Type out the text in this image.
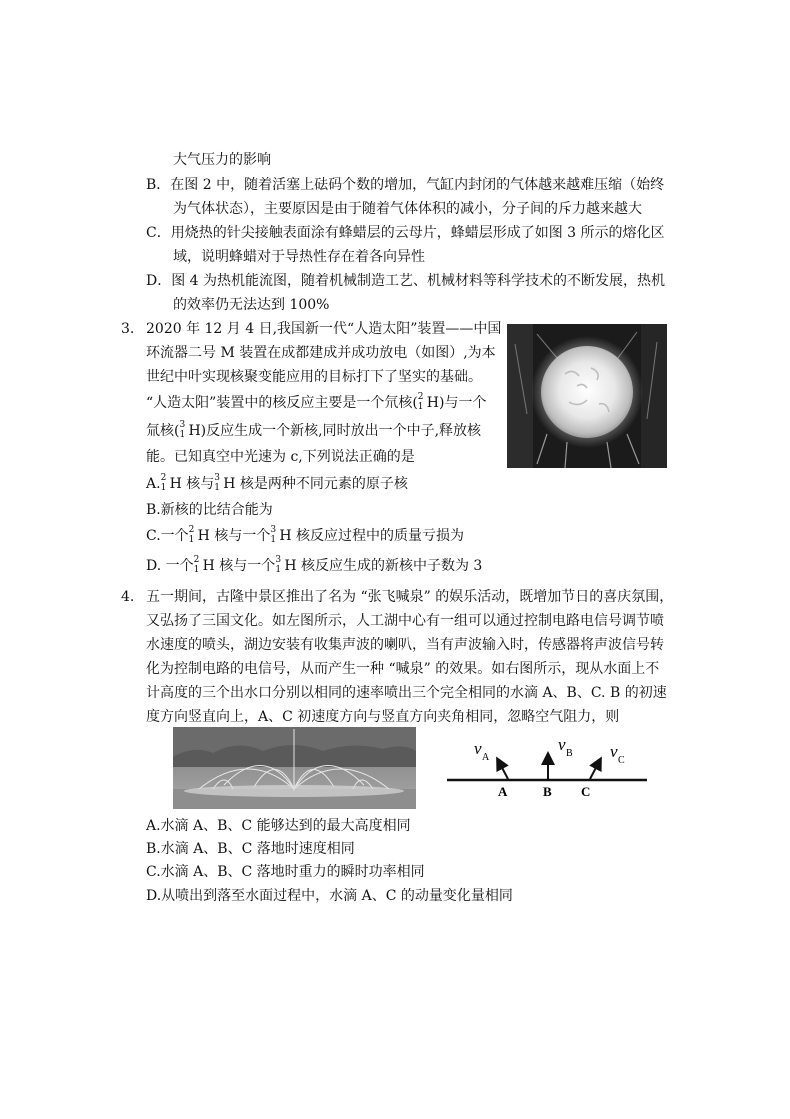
大气压力的影响
B．在图 2 中，随着活塞上砝码个数的增加，气缸内封闭的气体越来越难压缩（始终
为气体状态），主要原因是由于随着气体体积的减小，分子间的斥力越来越大
C．用烧热的针尖接触表面涂有蜂蜡层的云母片，蜂蜡层形成了如图 3 所示的熔化区
域，说明蜂蜡对于导热性存在着各向异性
D．图 4 为热机能流图，随着机械制造工艺、机械材料等科学技术的不断发展，热机
的效率仍无法达到 100%
3. 2020 年 12 月 4 日,我国新一代“人造太阳”装置——中国
环流器二号 M 装置在成都建成并成功放电（如图）,为本
世纪中叶实现核聚变能应用的目标打下了坚实的基础。
“人造太阳”装置中的核反应主要是一个氘核( 2
1 H)与一个
氚核( 3
1 H)反应生成一个新核,同时放出一个中子,释放核
能。已知真空中光速为 c,下列说法正确的是
A. 2
1 H 核与 3
1 H 核是两种不同元素的原子核
B.新核的比结合能为
C.一个 2
1 H 核与一个 3
1 H 核反应过程中的质量亏损为
D. 一个 2
1 H 核与一个 3
1 H 核反应生成的新核中子数为 3
4. 五一期间，古隆中景区推出了名为 “张飞喊泉” 的娱乐活动，既增加节日的喜庆氛围，
又弘扬了三国文化。如左图所示，人工湖中心有一组可以通过控制电路电信号调节喷
水速度的喷头，湖边安装有收集声波的喇叭，当有声波输入时，传感器将声波信号转
化为控制电路的电信号，从而产生一种 “喊泉” 的效果。如右图所示，现从水面上不
计高度的三个出水口分别以相同的速率喷出三个完全相同的水滴 A、B、C. B 的初速
度方向竖直向上，A、C 初速度方向与竖直方向夹角相同，忽略空气阻力，则
v A
v B v C
A	B C
A.水滴 A、B、C 能够达到的最大高度相同
B.水滴 A、B、C 落地时速度相同
C.水滴 A、B、C 落地时重力的瞬时功率相同
D.从喷出到落至水面过程中，水滴 A、C 的动量变化量相同
